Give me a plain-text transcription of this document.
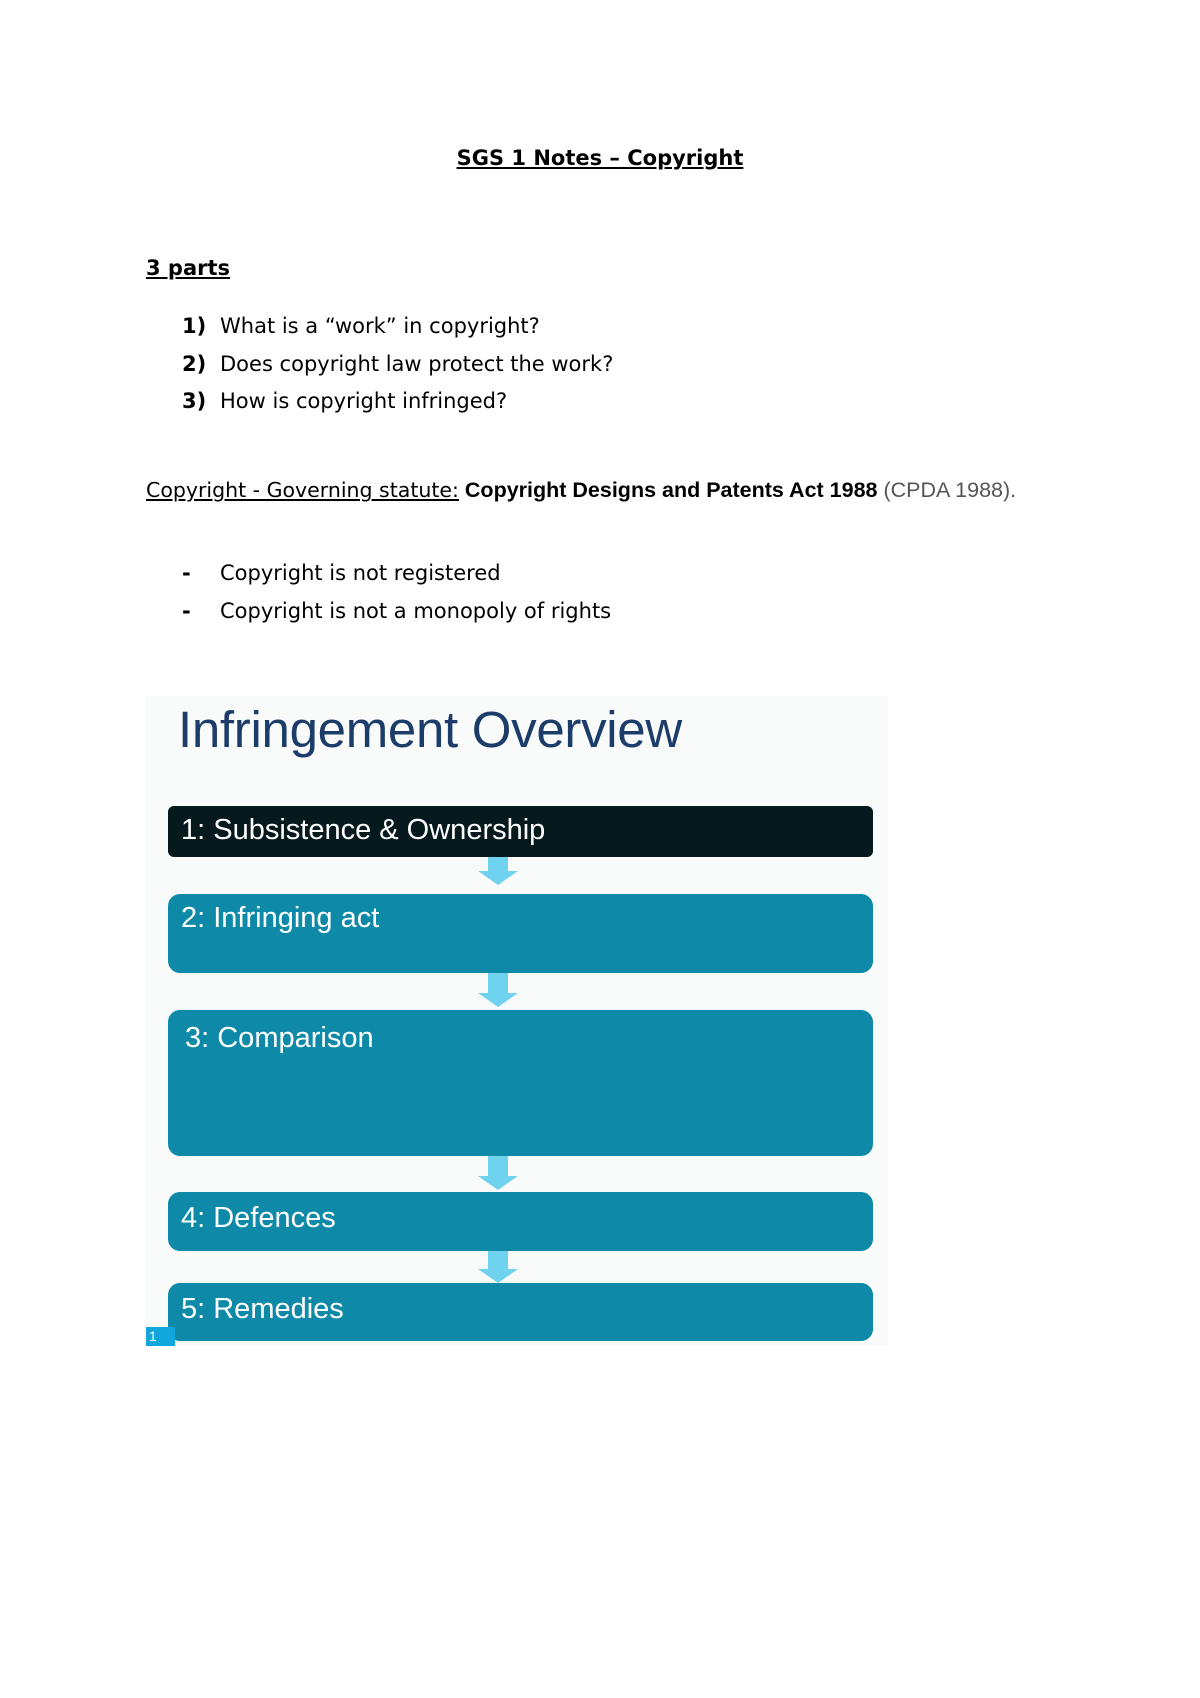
SGS 1 Notes – Copyright
3 parts
1) What is a “work” in copyright?
2) Does copyright law protect the work?
3) How is copyright infringed?
Copyright - Governing statute: Copyright Designs and Patents Act 1988 (CPDA 1988).
-	Copyright is not registered
-	Copyright is not a monopoly of rights
Infringement Overview
1: Subsistence & Ownership
2: Infringing act
3: Comparison
4: Defences
5: Remedies
1
